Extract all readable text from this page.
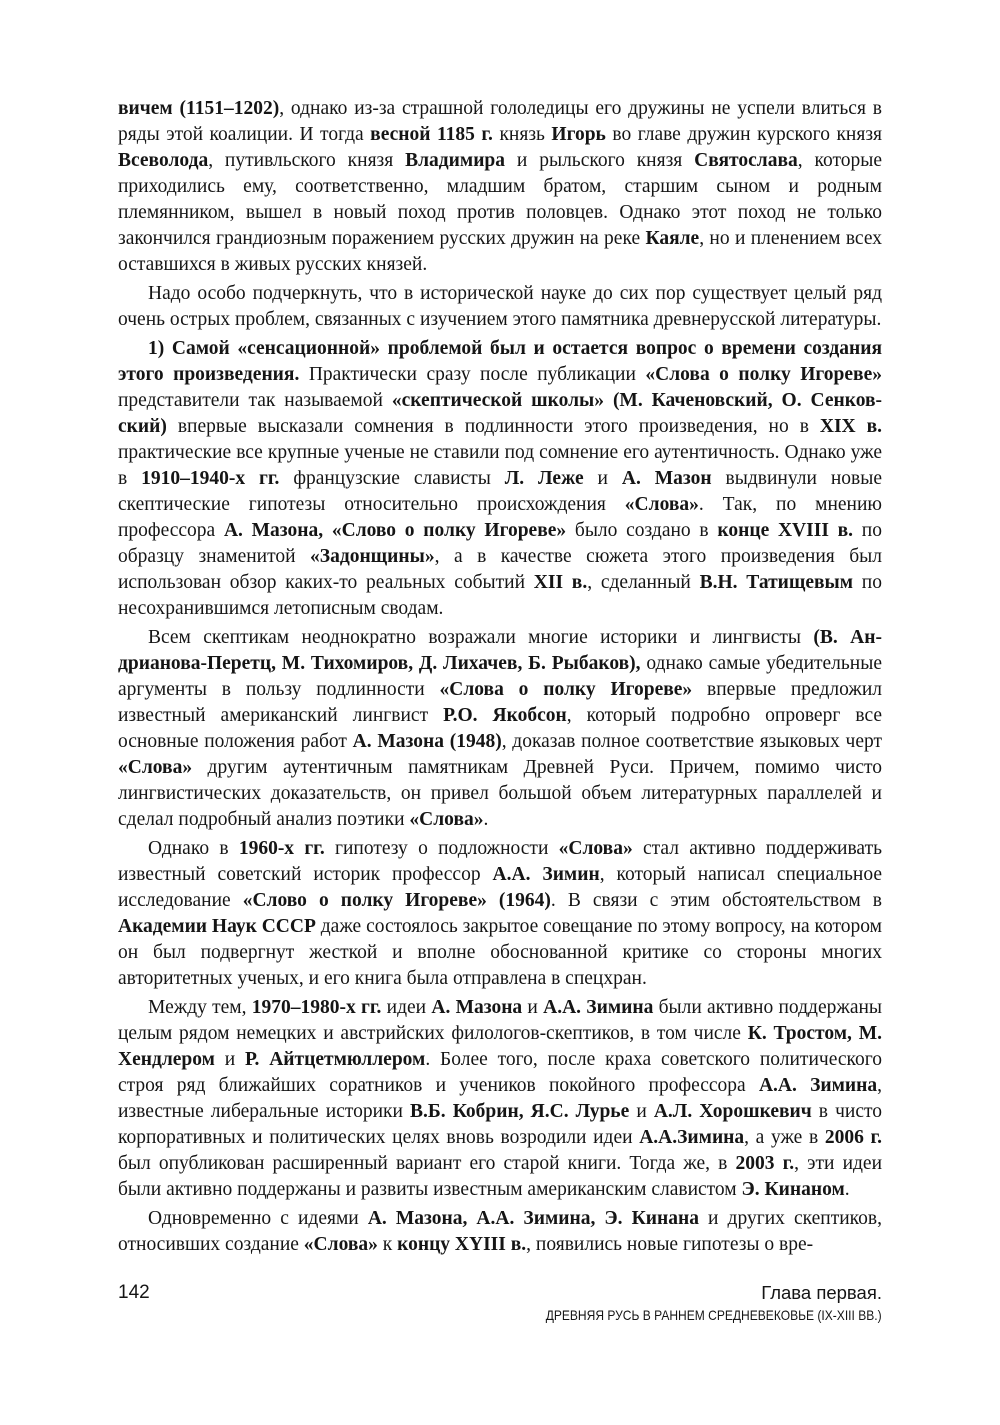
вичем (1151–1202), однако из-за страшной гололедицы его дружины не успели влиться в ряды этой коалиции. И тогда весной 1185 г. князь Игорь во главе дружин курского князя Всеволода, путивльского князя Владимира и рыльского князя Святослава, которые приходились ему, соответственно, младшим братом, старшим сыном и родным племянником, вышел в новый поход против половцев. Однако этот поход не только закончился грандиозным поражением русских дружин на реке Каяле, но и пленением всех оставшихся в живых русских князей.

Надо особо подчеркнуть, что в исторической науке до сих пор существует целый ряд очень острых проблем, связанных с изучением этого памятника древнерусской литературы.

1) Самой «сенсационной» проблемой был и остается вопрос о времени создания этого произведения. Практически сразу после публикации «Слова о полку Игореве» представители так называемой «скептической школы» (М. Каченовский, О. Сенковский) впервые высказали сомнения в подлинности этого произведения, но в XIX в. практические все крупные ученые не ставили под сомнение его аутентичность. Однако уже в 1910–1940-х гг. французские слависты Л. Леже и А. Мазон выдвинули новые скептические гипотезы относительно происхождения «Слова». Так, по мнению профессора А. Мазона, «Слово о полку Игореве» было создано в конце XVIII в. по образцу знаменитой «Задонщины», а в качестве сюжета этого произведения был использован обзор каких-то реальных событий XII в., сделанный В.Н. Татищевым по несохранившимся летописным сводам.

Всем скептикам неоднократно возражали многие историки и лингвисты (В. Андрианова-Перетц, М. Тихомиров, Д. Лихачев, Б. Рыбаков), однако самые убедительные аргументы в пользу подлинности «Слова о полку Игореве» впервые предложил известный американский лингвист Р.О. Якобсон, который подробно опроверг все основные положения работ А. Мазона (1948), доказав полное соответствие языковых черт «Слова» другим аутентичным памятникам Древней Руси. Причем, помимо чисто лингвистических доказательств, он привел большой объем литературных параллелей и сделал подробный анализ поэтики «Слова».

Однако в 1960-х гг. гипотезу о подложности «Слова» стал активно поддерживать известный советский историк профессор А.А. Зимин, который написал специальное исследование «Слово о полку Игореве» (1964). В связи с этим обстоятельством в Академии Наук СССР даже состоялось закрытое совещание по этому вопросу, на котором он был подвергнут жесткой и вполне обоснованной критике со стороны многих авторитетных ученых, и его книга была отправлена в спецхран.

Между тем, 1970–1980-х гг. идеи А. Мазона и А.А. Зимина были активно поддержаны целым рядом немецких и австрийских филологов-скептиков, в том числе К. Тростом, М. Хендлером и Р. Айтцетмюллером. Более того, после краха советского политического строя ряд ближайших соратников и учеников покойного профессора А.А. Зимина, известные либеральные историки В.Б. Кобрин, Я.С. Лурье и А.Л. Хорошкевич в чисто корпоративных и политических целях вновь возродили идеи А.А.Зимина, а уже в 2006 г. был опубликован расширенный вариант его старой книги. Тогда же, в 2003 г., эти идеи были активно поддержаны и развиты известным американским славистом Э. Кинаном.

Одновременно с идеями А. Мазона, А.А. Зимина, Э. Кинана и других скептиков, относивших создание «Слова» к концу XYIII в., появились новые гипотезы о вре-

142	Глава первая.
ДРЕВНЯЯ РУСЬ В РАННЕМ СРЕДНЕВЕКОВЬЕ (IX-XIII ВВ.)
